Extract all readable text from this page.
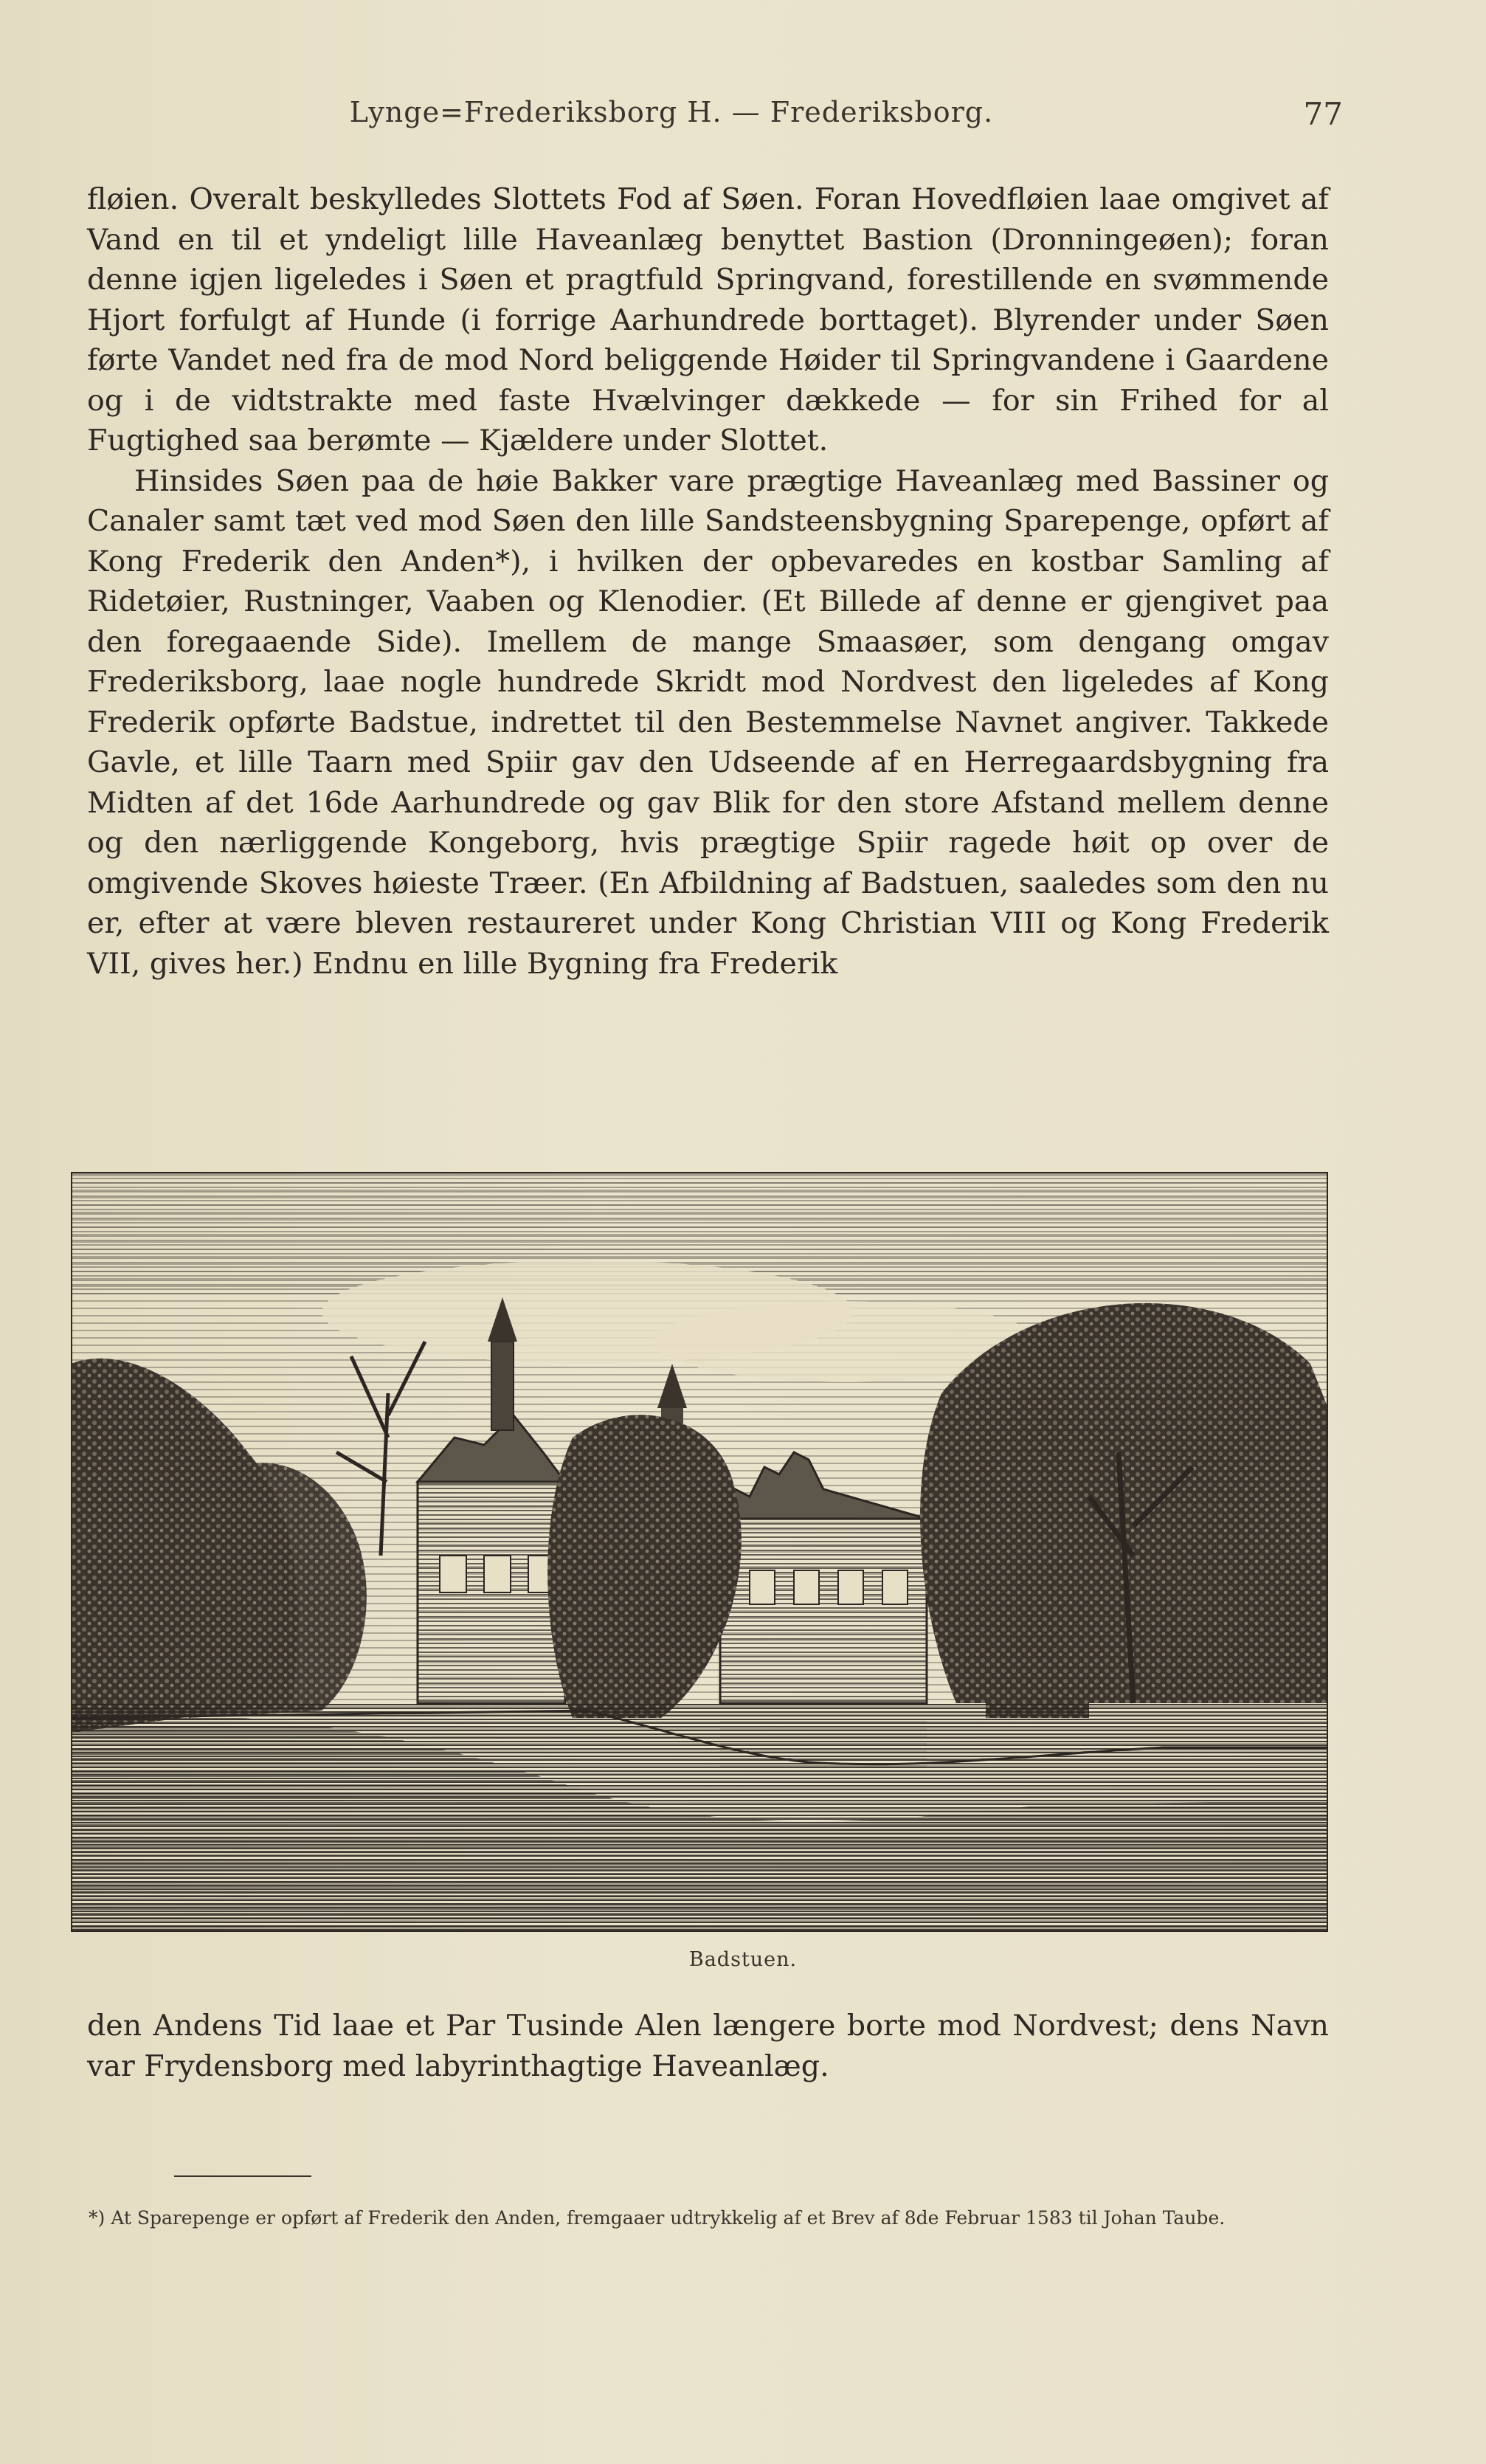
Lynge=Frederiksborg H. — Frederiksborg.	77

fløien. Overalt beskylledes Slottets Fod af Søen. Foran Hovedfløien laae omgivet af Vand en til et yndeligt lille Haveanlæg benyttet Bastion (Dronningeøen); foran denne igjen ligeledes i Søen et pragtfuld Springvand, forestillende en svømmende Hjort forfulgt af Hunde (i forrige Aarhundrede borttaget). Blyrender under Søen førte Vandet ned fra de mod Nord beliggende Høider til Springvandene i Gaardene og i de vidtstrakte med faste Hvælvinger dækkede — for sin Frihed for al Fugtighed saa berømte — Kjældere under Slottet.

Hinsides Søen paa de høie Bakker vare prægtige Haveanlæg med Bassiner og Canaler samt tæt ved mod Søen den lille Sandsteensbygning Sparepenge, opført af Kong Frederik den Anden*), i hvilken der opbevaredes en kostbar Samling af Ridetøier, Rustninger, Vaaben og Klenodier. (Et Billede af denne er gjengivet paa den foregaaende Side). Imellem de mange Smaasøer, som dengang omgav Frederiksborg, laae nogle hundrede Skridt mod Nordvest den ligeledes af Kong Frederik opførte Badstue, indrettet til den Bestemmelse Navnet angiver. Takkede Gavle, et lille Taarn med Spiir gav den Udseende af en Herregaardsbygning fra Midten af det 16de Aarhundrede og gav Blik for den store Afstand mellem denne og den nærliggende Kongeborg, hvis prægtige Spiir ragede høit op over de omgivende Skoves høieste Træer. (En Afbildning af Badstuen, saaledes som den nu er, efter at være bleven restaureret under Kong Christian VIII og Kong Frederik VII, gives her.) Endnu en lille Bygning fra Frederik

Badstuen.

den Andens Tid laae et Par Tusinde Alen længere borte mod Nordvest; dens Navn var Frydensborg med labyrinthagtige Haveanlæg.

*) At Sparepenge er opført af Frederik den Anden, fremgaaer udtrykkelig af et Brev af 8de Februar 1583 til Johan Taube.
